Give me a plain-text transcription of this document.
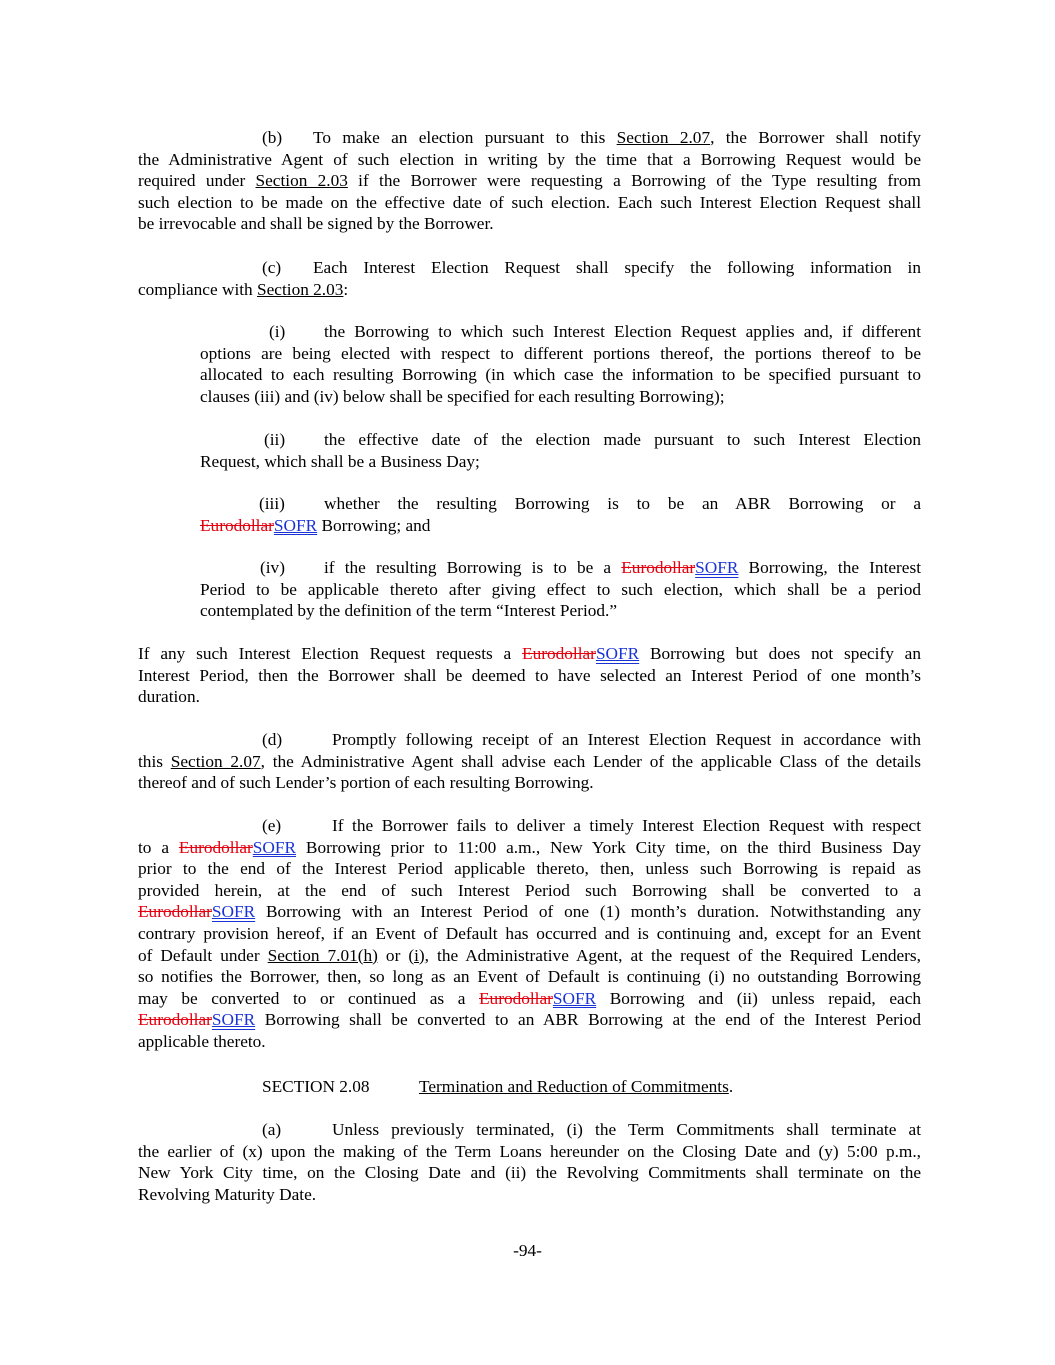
(b) To make an election pursuant to this Section 2.07, the Borrower shall notify
the Administrative Agent of such election in writing by the time that a Borrowing Request would be
required under Section 2.03 if the Borrower were requesting a Borrowing of the Type resulting from
such election to be made on the effective date of such election. Each such Interest Election Request shall
be irrevocable and shall be signed by the Borrower.
(c) Each Interest Election Request shall specify the following information in
compliance with Section 2.03:
(i) the Borrowing to which such Interest Election Request applies and, if different
options are being elected with respect to different portions thereof, the portions thereof to be
allocated to each resulting Borrowing (in which case the information to be specified pursuant to
clauses (iii) and (iv) below shall be specified for each resulting Borrowing);
(ii) the effective date of the election made pursuant to such Interest Election
Request, which shall be a Business Day;
(iii) whether the resulting Borrowing is to be an ABR Borrowing or a
EurodollarSOFR Borrowing; and
(iv) if the resulting Borrowing is to be a EurodollarSOFR Borrowing, the Interest
Period to be applicable thereto after giving effect to such election, which shall be a period
contemplated by the definition of the term “Interest Period.”
If any such Interest Election Request requests a EurodollarSOFR Borrowing but does not specify an
Interest Period, then the Borrower shall be deemed to have selected an Interest Period of one month’s
duration.
(d)	Promptly following receipt of an Interest Election Request in accordance with
this Section 2.07, the Administrative Agent shall advise each Lender of the applicable Class of the details
thereof and of such Lender’s portion of each resulting Borrowing.
(e)	If the Borrower fails to deliver a timely Interest Election Request with respect
to a EurodollarSOFR Borrowing prior to 11:00 a.m., New York City time, on the third Business Day
prior to the end of the Interest Period applicable thereto, then, unless such Borrowing is repaid as
provided herein, at the end of such Interest Period such Borrowing shall be converted to a
EurodollarSOFR Borrowing with an Interest Period of one (1) month’s duration. Notwithstanding any
contrary provision hereof, if an Event of Default has occurred and is continuing and, except for an Event
of Default under Section 7.01(h) or (i), the Administrative Agent, at the request of the Required Lenders,
so notifies the Borrower, then, so long as an Event of Default is continuing (i) no outstanding Borrowing
may be converted to or continued as a EurodollarSOFR Borrowing and (ii) unless repaid, each
EurodollarSOFR Borrowing shall be converted to an ABR Borrowing at the end of the Interest Period
applicable thereto.
SECTION 2.08	Termination and Reduction of Commitments.
(a)	Unless previously terminated, (i) the Term Commitments shall terminate at
the earlier of (x) upon the making of the Term Loans hereunder on the Closing Date and (y) 5:00 p.m.,
New York City time, on the Closing Date and (ii) the Revolving Commitments shall terminate on the
Revolving Maturity Date.
-94-
